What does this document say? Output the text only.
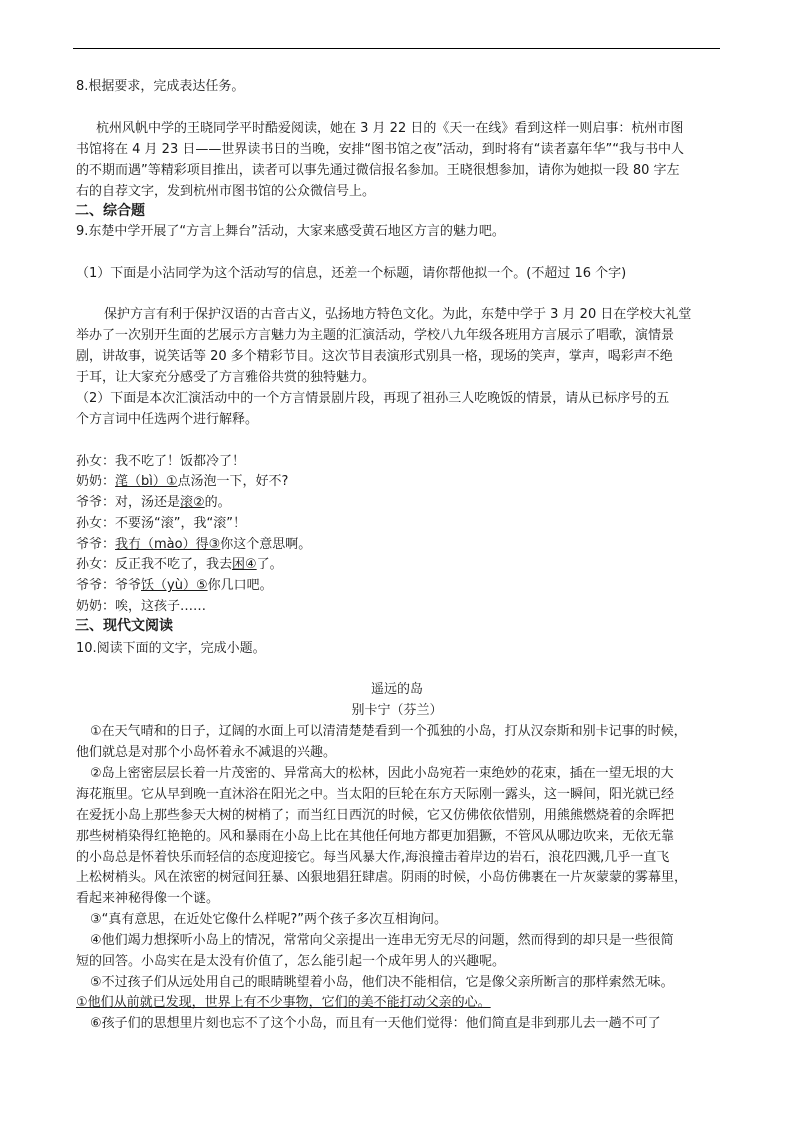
8.根据要求，完成表达任务。
杭州风帆中学的王晓同学平时酷爱阅读，她在 3 月 22 日的《天一在线》看到这样一则启事：杭州市图
书馆将在 4 月 23 日——世界读书日的当晚，安排“图书馆之夜”活动，到时将有“读者嘉年华”“我与书中人
的不期而遇”等精彩项目推出，读者可以事先通过微信报名参加。王晓很想参加，请你为她拟一段 80 字左
右的自荐文字，发到杭州市图书馆的公众微信号上。
二、综合题
9.东楚中学开展了“方言上舞台”活动，大家来感受黄石地区方言的魅力吧。
（1）下面是小沾同学为这个活动写的信息，还差一个标题，请你帮他拟一个。(不超过 16 个字)
保护方言有利于保护汉语的古音古义，弘扬地方特色文化。为此，东楚中学于 3 月 20 日在学校大礼堂
举办了一次别开生面的艺展示方言魅力为主题的汇演活动，学校八九年级各班用方言展示了唱歌，演情景
剧，讲故事，说笑话等 20 多个精彩节目。这次节目表演形式别具一格，现场的笑声，掌声，喝彩声不绝
于耳，让大家充分感受了方言雅俗共赏的独特魅力。
（2）下面是本次汇演活动中的一个方言情景剧片段，再现了祖孙三人吃晚饭的情景，请从已标序号的五
个方言词中任选两个进行解释。
孙女：我不吃了！饭都冷了！
奶奶：滗（bì）①点汤泡一下，好不?
爷爷：对，汤还是滚②的。
孙女：不要汤“滚”，我“滚”！
爷爷：我冇（mào）得③你这个意思啊。
孙女：反正我不吃了，我去困④了。
爷爷：爷爷饫（yù）⑤你几口吧。
奶奶：唉，这孩子……
三、现代文阅读
10.阅读下面的文字，完成小题。
遥远的岛
别卡宁（芬兰）
①在天气晴和的日子，辽阔的水面上可以清清楚楚看到一个孤独的小岛，打从汉奈斯和别卡记事的时候，
他们就总是对那个小岛怀着永不减退的兴趣。
②岛上密密层层长着一片茂密的、异常高大的松林，因此小岛宛若一束绝妙的花束，插在一望无垠的大
海花瓶里。它从早到晚一直沐浴在阳光之中。当太阳的巨轮在东方天际刚一露头，这一瞬间，阳光就已经
在爱抚小岛上那些参天大树的树梢了；而当红日西沉的时候，它又仿佛依依惜别，用熊熊燃烧着的余晖把
那些树梢染得红艳艳的。风和暴雨在小岛上比在其他任何地方都更加猖獗，不管风从哪边吹来，无依无靠
的小岛总是怀着快乐而轻信的态度迎接它。每当风暴大作,海浪撞击着岸边的岩石，浪花四溅,几乎一直飞
上松树梢头。风在浓密的树冠间狂暴、凶狠地猖狂肆虐。阴雨的时候，小岛仿佛裹在一片灰蒙蒙的雾幕里，
看起来神秘得像一个谜。
③“真有意思，在近处它像什么样呢?”两个孩子多次互相询问。
④他们竭力想探听小岛上的情况，常常向父亲提出一连串无穷无尽的问题，然而得到的却只是一些很简
短的回答。小岛实在是太没有价值了，怎么能引起一个成年男人的兴趣呢。
⑤不过孩子们从远处用自己的眼睛眺望着小岛，他们决不能相信，它是像父亲所断言的那样索然无味。
①他们从前就已发现，世界上有不少事物，它们的美不能打动父亲的心。
⑥孩子们的思想里片刻也忘不了这个小岛，而且有一天他们觉得：他们简直是非到那儿去一趟不可了
